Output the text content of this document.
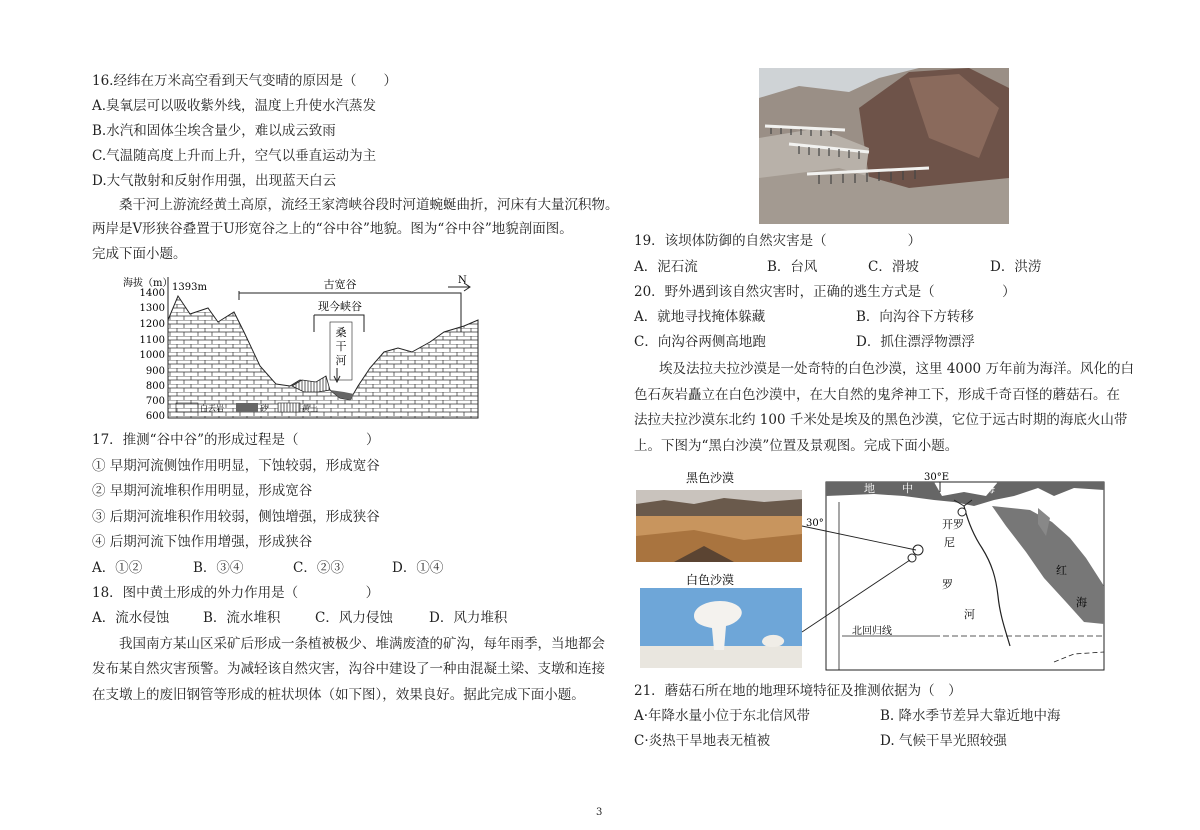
16.经纬在万米高空看到天气变晴的原因是（　　）
A.臭氧层可以吸收紫外线，温度上升使水汽蒸发
B.水汽和固体尘埃含量少，难以成云致雨
C.气温随高度上升而上升，空气以垂直运动为主
D.大气散射和反射作用强，出现蓝天白云
桑干河上游流经黄土高原，流经王家湾峡谷段时河道蜿蜒曲折，河床有大量沉积物。
两岸是V形狭谷叠置于U形宽谷之上的“谷中谷”地貌。图为“谷中谷”地貌剖面图。
完成下面小题。
海拔（m） 1393m
1400
1300
1200
1100
1000
900
800
700
600
古宽谷
现今峡谷
桑
干
河
N
白云岩	砂	黄土
17．推测“谷中谷”的形成过程是（　　　　　）
① 早期河流侧蚀作用明显，下蚀较弱，形成宽谷
② 早期河流堆积作用明显，形成宽谷
③ 后期河流堆积作用较弱，侧蚀增强，形成狭谷
④ 后期河流下蚀作用增强，形成狭谷
A．①②	B．③④	C．②③	D．①④
18．图中黄土形成的外力作用是（　　　　　）
A．流水侵蚀	B．流水堆积	C．风力侵蚀	D．风力堆积
我国南方某山区采矿后形成一条植被极少、堆满废渣的矿沟，每年雨季，当地都会
发布某自然灾害预警。为减轻该自然灾害，沟谷中建设了一种由混凝土梁、支墩和连接
在支墩上的废旧钢管等形成的桩状坝体（如下图），效果良好。据此完成下面小题。
19．该坝体防御的自然灾害是（　　　　　　）
A．泥石流	B．台风	C．滑坡	D．洪涝
20．野外遇到该自然灾害时，正确的逃生方式是（　　　　　）
A．就地寻找掩体躲藏	B．向沟谷下方转移
C．向沟谷两侧高地跑	D．抓住漂浮物漂浮
埃及法拉夫拉沙漠是一处奇特的白色沙漠，这里 4000 万年前为海洋。风化的白
色石灰岩矗立在白色沙漠中，在大自然的鬼斧神工下，形成千奇百怪的蘑菇石。在
法拉夫拉沙漠东北约 100 千米处是埃及的黑色沙漠，它位于远古时期的海底火山带
上。下图为“黑白沙漠”位置及景观图。完成下面小题。
黑色沙漠
白色沙漠
30°E
30°
地 中	海
开罗
尼
罗
河
红
海
北回归线
21．蘑菇石所在地的地理环境特征及推测依据为（　）
A·年降水量小位于东北信风带	B. 降水季节差异大靠近地中海
C·炎热干旱地表无植被	D. 气候干旱光照较强
3
